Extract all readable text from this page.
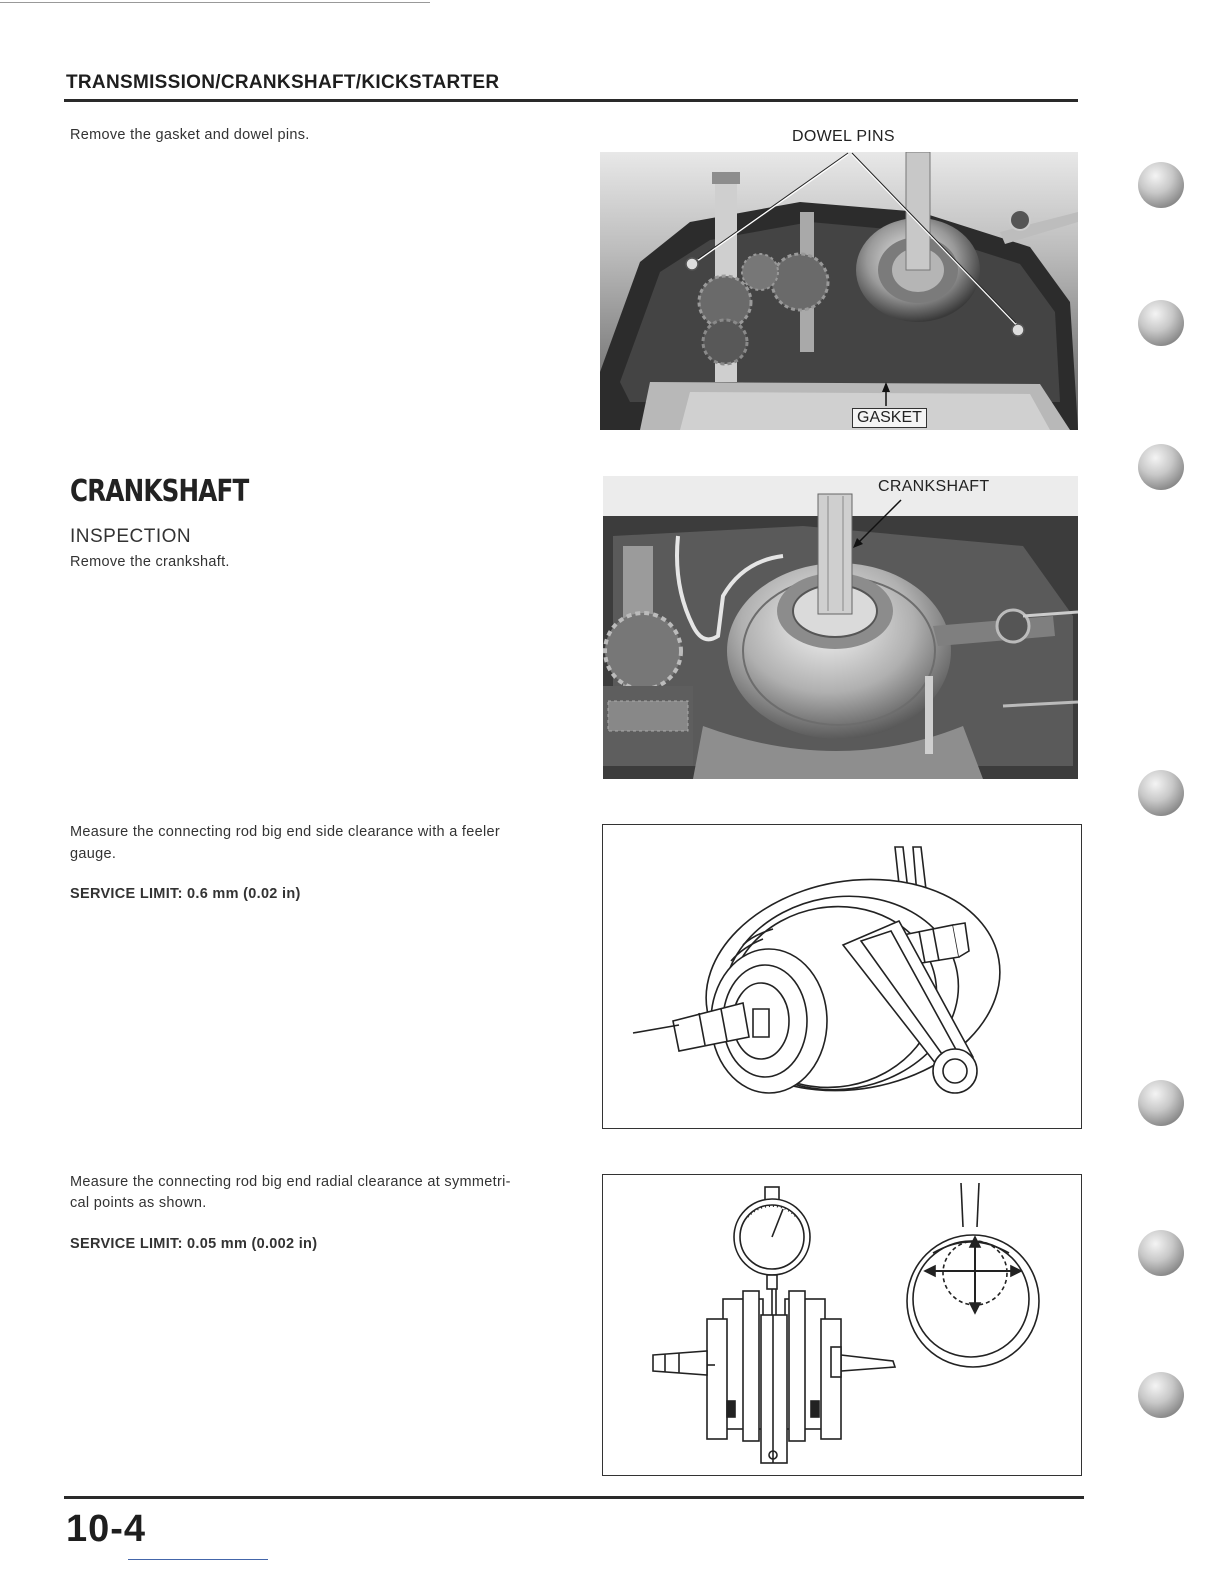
TRANSMISSION/CRANKSHAFT/KICKSTARTER
Remove the gasket and dowel pins.	DOWEL PINS
GASKET
CRANKSHAFT
INSPECTION
Remove the crankshaft.
CRANKSHAFT
Measure the connecting rod big end side clearance with a feeler
gauge.
SERVICE LIMIT: 0.6 mm (0.02 in)
Measure the connecting rod big end radial clearance at symmetri-
cal points as shown.
SERVICE LIMIT: 0.05 mm (0.002 in)
10-4
